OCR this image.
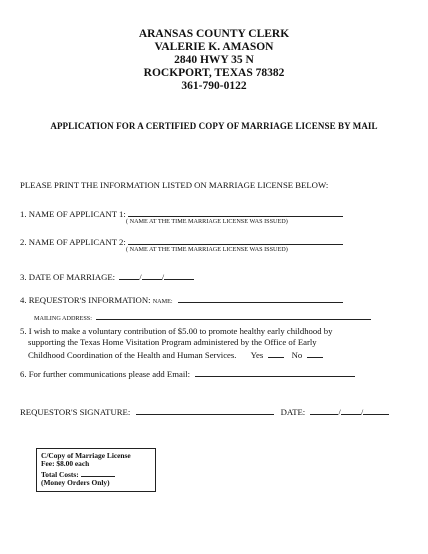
ARANSAS COUNTY CLERK
VALERIE K. AMASON
2840 HWY 35 N
ROCKPORT, TEXAS 78382
361-790-0122
APPLICATION FOR A CERTIFIED COPY OF MARRIAGE LICENSE BY MAIL
PLEASE PRINT THE INFORMATION LISTED ON MARRIAGE LICENSE BELOW:
1. NAME OF APPLICANT 1:
( NAME AT THE TIME MARRIAGE LICENSE WAS ISSUED)
2. NAME OF APPLICANT 2:
( NAME AT THE TIME MARRIAGE LICENSE WAS ISSUED)
3. DATE OF MARRIAGE:	/ /
4. REQUESTOR'S INFORMATION: NAME:
MAILING ADDRESS:
5. I wish to make a voluntary contribution of $5.00 to promote healthy early childhood by
supporting the Texas Home Visitation Program administered by the Office of Early
Childhood Coordination of the Health and Human Services. Yes	No
6. For further communications please add Email:
REQUESTOR'S SIGNATURE:	DATE:	/ /
C/Copy of Marriage License
Fee: $8.00 each
Total Costs:
(Money Orders Only)
